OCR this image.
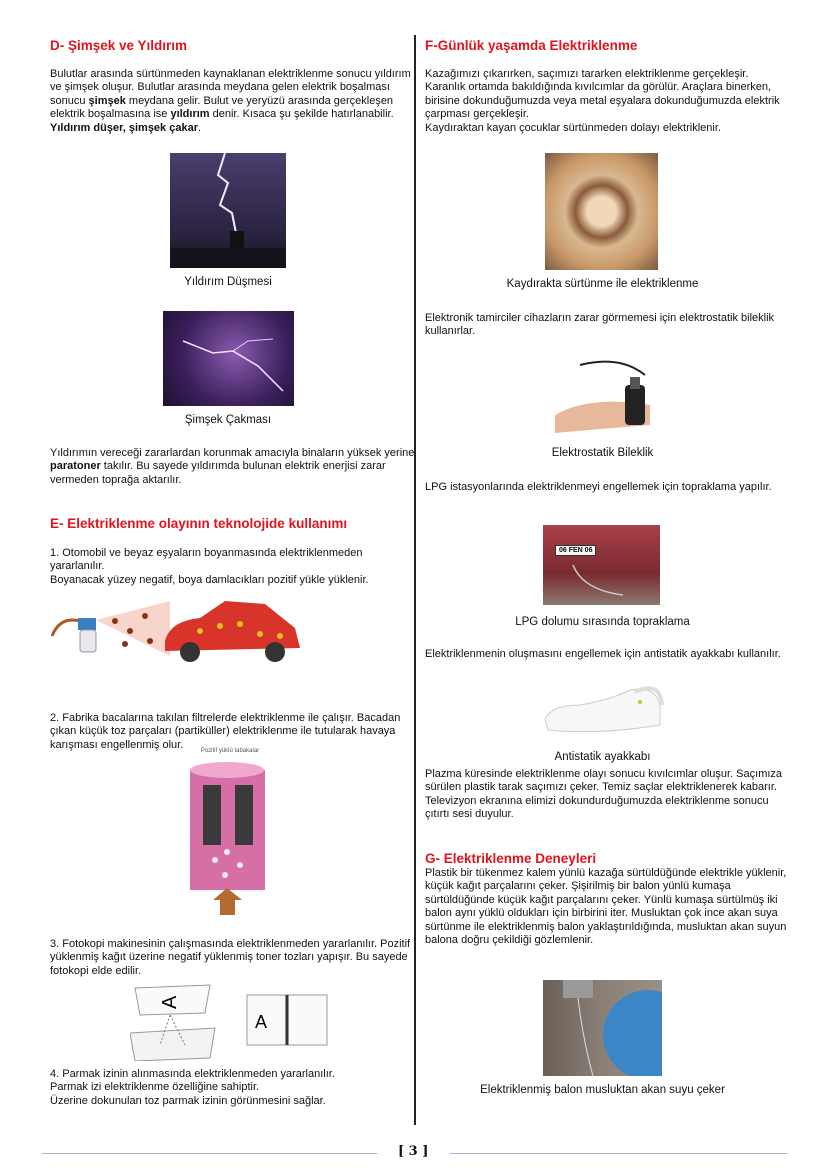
D- Şimşek ve Yıldırım
Bulutlar arasında sürtünmeden kaynaklanan elektriklenme sonucu yıldırım ve şimşek oluşur. Bulutlar arasında meydana gelen elektrik boşalması sonucu şimşek meydana gelir. Bulut ve yeryüzü arasında gerçekleşen elektrik boşalmasına ise yıldırım denir. Kısaca şu şekilde hatırlanabilir. Yıldırım düşer, şimşek çakar.
Yıldırım Düşmesi
Şimşek Çakması
Yıldırımın vereceği zararlardan korunmak amacıyla binaların yüksek yerine paratoner takılır. Bu sayede yıldırımda bulunan elektrik enerjisi zarar vermeden toprağa aktarılır.
E- Elektriklenme olayının teknolojide kullanımı
1. Otomobil ve beyaz eşyaların boyanmasında elektriklenmeden yararlanılır.
Boyanacak yüzey negatif, boya damlacıkları pozitif yükle yüklenir.
2. Fabrika bacalarına takılan filtrelerde elektriklenme ile çalışır. Bacadan çıkan küçük toz parçaları (partiküller) elektriklenme ile tutularak havaya karışması engellenmiş olur.
Pozitif yüklü tabakalar
3. Fotokopi makinesinin çalışmasında elektriklenmeden yararlanılır. Pozitif yüklenmiş kağıt üzerine negatif yüklenmiş toner tozları yapışır. Bu sayede fotokopi elde edilir.
A
A
4. Parmak izinin alınmasında elektriklenmeden yararlanılır.
Parmak izi elektriklenme özelliğine sahiptir.
Üzerine dokunulan toz parmak izinin görünmesini sağlar.
F-Günlük yaşamda Elektriklenme
Kazağımızı çıkarırken, saçımızı tararken elektriklenme gerçekleşir. Karanlık ortamda bakıldığında kıvılcımlar da görülür. Araçlara binerken, birisine dokunduğumuzda veya metal eşyalara dokunduğumuzda elektrik çarpması gerçekleşir.
Kaydıraktan kayan çocuklar sürtünmeden dolayı elektriklenir.
Kaydırakta sürtünme ile elektriklenme
Elektronik tamirciler cihazların zarar görmemesi için elektrostatik bileklik kullanırlar.
Elektrostatik Bileklik
LPG istasyonlarında elektriklenmeyi engellemek için topraklama yapılır.
06 FEN 06
LPG dolumu sırasında topraklama
Elektriklenmenin oluşmasını engellemek için antistatik ayakkabı kullanılır.
Antistatik ayakkabı
Plazma küresinde elektriklenme olayı sonucu kıvılcımlar oluşur. Saçımıza sürülen plastik tarak saçımızı çeker. Temiz saçlar elektriklenerek kabarır. Televizyon ekranına elimizi dokundurduğumuzda elektriklenme sonucu çıtırtı sesi duyulur.
G- Elektriklenme Deneyleri
Plastik bir tükenmez kalem yünlü kazağa sürtüldüğünde elektrikle yüklenir, küçük kağıt parçalarını çeker. Şişirilmiş bir balon yünlü kumaşa sürtüldüğünde küçük kağıt parçalarını çeker. Yünlü kumaşa sürtülmüş iki balon aynı yüklü oldukları için birbirini iter. Musluktan çok ince akan suya sürtünme ile elektriklenmiş balon yaklaştırıldığında, musluktan akan suyun balona doğru çekildiği gözlemlenir.
Elektriklenmiş balon musluktan akan suyu çeker
[ 3 ]
